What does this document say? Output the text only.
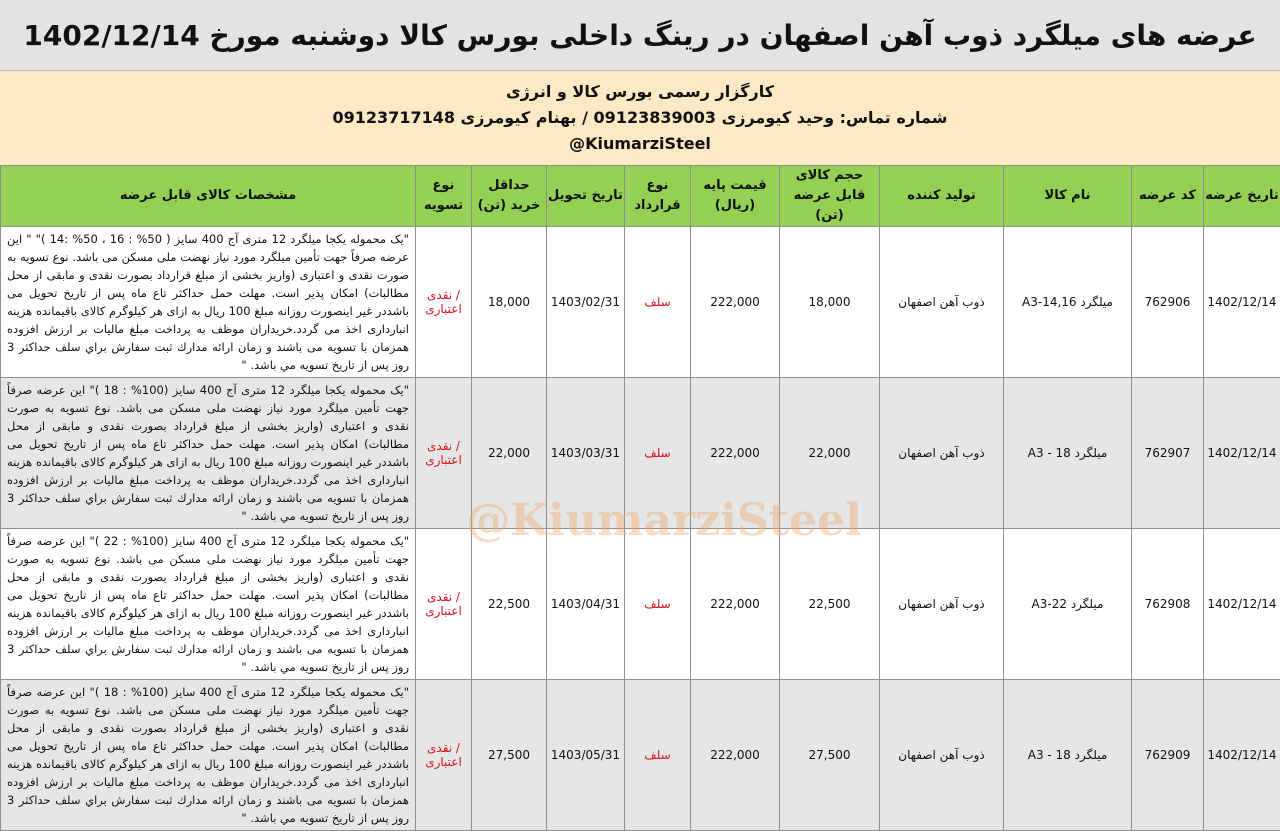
عرضه های میلگرد ذوب آهن اصفهان در رینگ داخلی بورس کالا دوشنبه مورخ 1402/12/14
کارگزار رسمی بورس کالا و انرژی
شماره تماس: وحید کیومرزی 09123839003 / بهنام کیومرزی 09123717148
@KiumarziSteel
تاریخ عرضه	کد عرضه	نام کالا	تولید کننده	حجم کالای قابل عرضه (تن)	قیمت پایه (ریال)	نوع قرارداد	تاریخ تحویل	حداقل خرید (تن)	نوع تسویه	مشخصات کالای قابل عرضه
1402/12/14	762906	میلگرد A3-14,16	ذوب آهن اصفهان	18,000	222,000	سلف	1403/02/31	18,000	/ نقدی اعتباری	"یک محموله یکجا میلگرد 12 متری آج 400 سایز ( 50% : 16 ، 50% :14 )" " این عرضه صرفاً جهت تأمین میلگرد مورد نیاز نهضت ملی مسکن می باشد. نوع تسویه به صورت نقدی و اعتباری (واریز بخشی از مبلغ قرارداد بصورت نقدی و مابقی از محل مطالبات) امکان پذیر است. مهلت حمل حداکثر تاع ماه پس از تاریخ تحویل می باشددر غیر اینصورت روزانه مبلغ 100 ریال به ازای هر کیلوگرم کالای باقیمانده هزینه انبارداری اخذ می گردد.خریداران موظف به پرداخت مبلغ مالیات بر ارزش افزوده همزمان با تسویه می باشند و زمان ارائه مدارك ثبت سفارش براي سلف حداكثر 3 روز پس از تاريخ تسويه مي باشد. "
1402/12/14	762907	میلگرد 18 - A3	ذوب آهن اصفهان	22,000	222,000	سلف	1403/03/31	22,000	/ نقدی اعتباری	"یک محموله یکجا میلگرد 12 متری آج 400 سایز (100% : 18 )" این عرضه صرفاً جهت تأمین میلگرد مورد نیاز نهضت ملی مسکن می باشد. نوع تسویه به صورت نقدی و اعتباری (واریز بخشی از مبلغ قرارداد بصورت نقدی و مابقی از محل مطالبات) امکان پذیر است. مهلت حمل حداکثر تاع ماه پس از تاریخ تحویل می باشددر غیر اینصورت روزانه مبلغ 100 ریال به ازای هر کیلوگرم کالای باقیمانده هزینه انبارداری اخذ می گردد.خریداران موظف به پرداخت مبلغ مالیات بر ارزش افزوده همزمان با تسویه می باشند و زمان ارائه مدارك ثبت سفارش براي سلف حداكثر 3 روز پس از تاريخ تسويه مي باشد. "
1402/12/14	762908	میلگرد 22-A3	ذوب آهن اصفهان	22,500	222,000	سلف	1403/04/31	22,500	/ نقدی اعتباری	"یک محموله یکجا میلگرد 12 متری آج 400 سایز (100% : 22 )" این عرضه صرفاً جهت تأمین میلگرد مورد نیاز نهضت ملی مسکن می باشد. نوع تسویه به صورت نقدی و اعتباری (واریز بخشی از مبلغ قرارداد بصورت نقدی و مابقی از محل مطالبات) امکان پذیر است. مهلت حمل حداکثر تاع ماه پس از تاریخ تحویل می باشددر غیر اینصورت روزانه مبلغ 100 ریال به ازای هر کیلوگرم کالای باقیمانده هزینه انبارداری اخذ می گردد.خریداران موظف به پرداخت مبلغ مالیات بر ارزش افزوده همزمان با تسویه می باشند و زمان ارائه مدارك ثبت سفارش براي سلف حداكثر 3 روز پس از تاريخ تسويه مي باشد. "
1402/12/14	762909	میلگرد 18 - A3	ذوب آهن اصفهان	27,500	222,000	سلف	1403/05/31	27,500	/ نقدی اعتباری	"یک محموله یکجا میلگرد 12 متری آج 400 سایز (100% : 18 )" این عرضه صرفاً جهت تأمین میلگرد مورد نیاز نهضت ملی مسکن می باشد. نوع تسویه به صورت نقدی و اعتباری (واریز بخشی از مبلغ قرارداد بصورت نقدی و مابقی از محل مطالبات) امکان پذیر است. مهلت حمل حداکثر تاع ماه پس از تاریخ تحویل می باشددر غیر اینصورت روزانه مبلغ 100 ریال به ازای هر کیلوگرم کالای باقیمانده هزینه انبارداری اخذ می گردد.خریداران موظف به پرداخت مبلغ مالیات بر ارزش افزوده همزمان با تسویه می باشند و زمان ارائه مدارك ثبت سفارش براي سلف حداكثر 3 روز پس از تاريخ تسويه مي باشد. "
@KiumarziSteel
